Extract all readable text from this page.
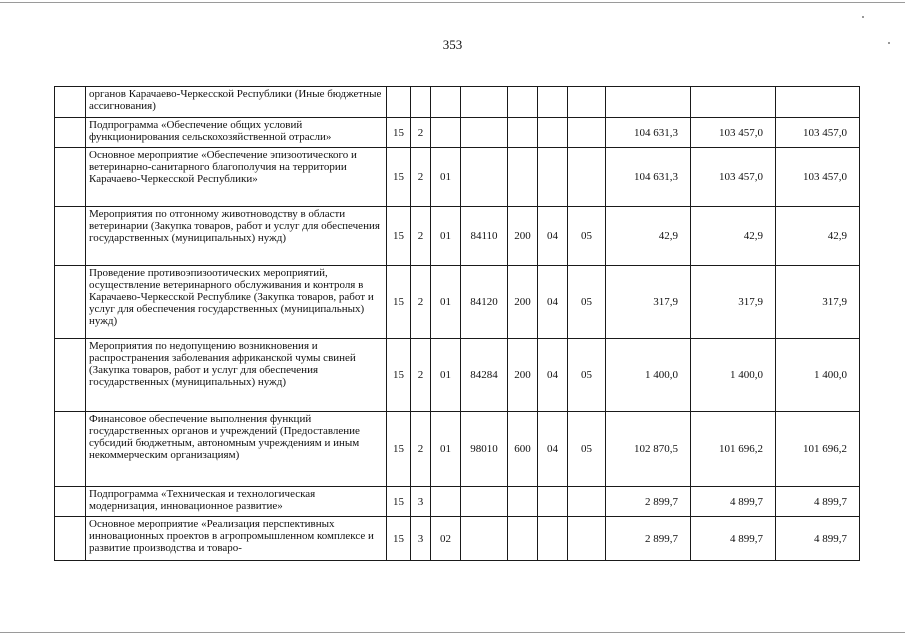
353
	органов Карачаево-Черкесской Республики (Иные бюджетные ассигнования)										
	Подпрограмма «Обеспечение общих условий функционирования сельскохозяйственной отрасли»	15	2						104 631,3	103 457,0	103 457,0
	Основное мероприятие «Обеспечение эпизоотического и ветеринарно-санитарного благополучия на территории Карачаево-Черкесской Республики»	15	2	01					104 631,3	103 457,0	103 457,0
	Мероприятия по отгонному животноводству в области ветеринарии (Закупка товаров, работ и услуг для обеспечения государственных (муниципальных) нужд)	15	2	01	84110	200	04	05	42,9	42,9	42,9
	Проведение противоэпизоотических мероприятий, осуществление ветеринарного обслуживания и контроля в Карачаево-Черкесской Республике (Закупка товаров, работ и услуг для обеспечения государственных (муниципальных) нужд)	15	2	01	84120	200	04	05	317,9	317,9	317,9
	Мероприятия по недопущению возникновения и распространения заболевания африканской чумы свиней (Закупка товаров, работ и услуг для обеспечения государственных (муниципальных) нужд)	15	2	01	84284	200	04	05	1 400,0	1 400,0	1 400,0
	Финансовое обеспечение выполнения функций государственных органов и учреждений (Предоставление субсидий бюджетным, автономным учреждениям и иным некоммерческим организациям)	15	2	01	98010	600	04	05	102 870,5	101 696,2	101 696,2
	Подпрограмма «Техническая и технологическая модернизация, инновационное развитие»	15	3						2 899,7	4 899,7	4 899,7
	Основное мероприятие «Реализация перспективных инновационных проектов в агропромышленном комплексе и развитие производства и товаро-	15	3	02					2 899,7	4 899,7	4 899,7
